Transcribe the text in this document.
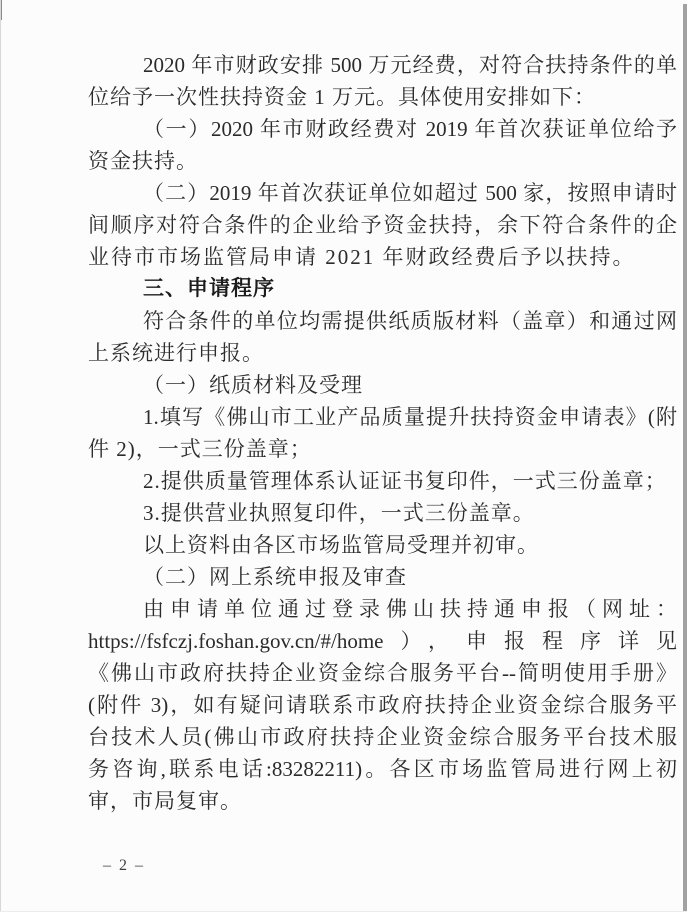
2020 年市财政安排 500 万元经费，对符合扶持条件的单

位给予一次性扶持资金 1 万元。具体使用安排如下：

（一）2020 年市财政经费对 2019 年首次获证单位给予

资金扶持。

（二）2019 年首次获证单位如超过 500 家，按照申请时

间顺序对符合条件的企业给予资金扶持，余下符合条件的企

业待市市场监管局申请 2021 年财政经费后予以扶持。

三、申请程序

符合条件的单位均需提供纸质版材料（盖章）和通过网

上系统进行申报。

（一）纸质材料及受理

1.填写《佛山市工业产品质量提升扶持资金申请表》(附

件 2)，一式三份盖章；

2.提供质量管理体系认证证书复印件，一式三份盖章；

3.提供营业执照复印件，一式三份盖章。

以上资料由各区市场监管局受理并初审。

（二）网上系统申报及审查

由申请单位通过登录佛山扶持通申报（网址：

https://fsfczj.foshan.gov.cn/#/home），申报程序详见

《佛山市政府扶持企业资金综合服务平台--简明使用手册》

(附件 3)，如有疑问请联系市政府扶持企业资金综合服务平

台技术人员(佛山市政府扶持企业资金综合服务平台技术服

务咨询,联系电话:83282211)。各区市场监管局进行网上初

审，市局复审。

– 2 –
